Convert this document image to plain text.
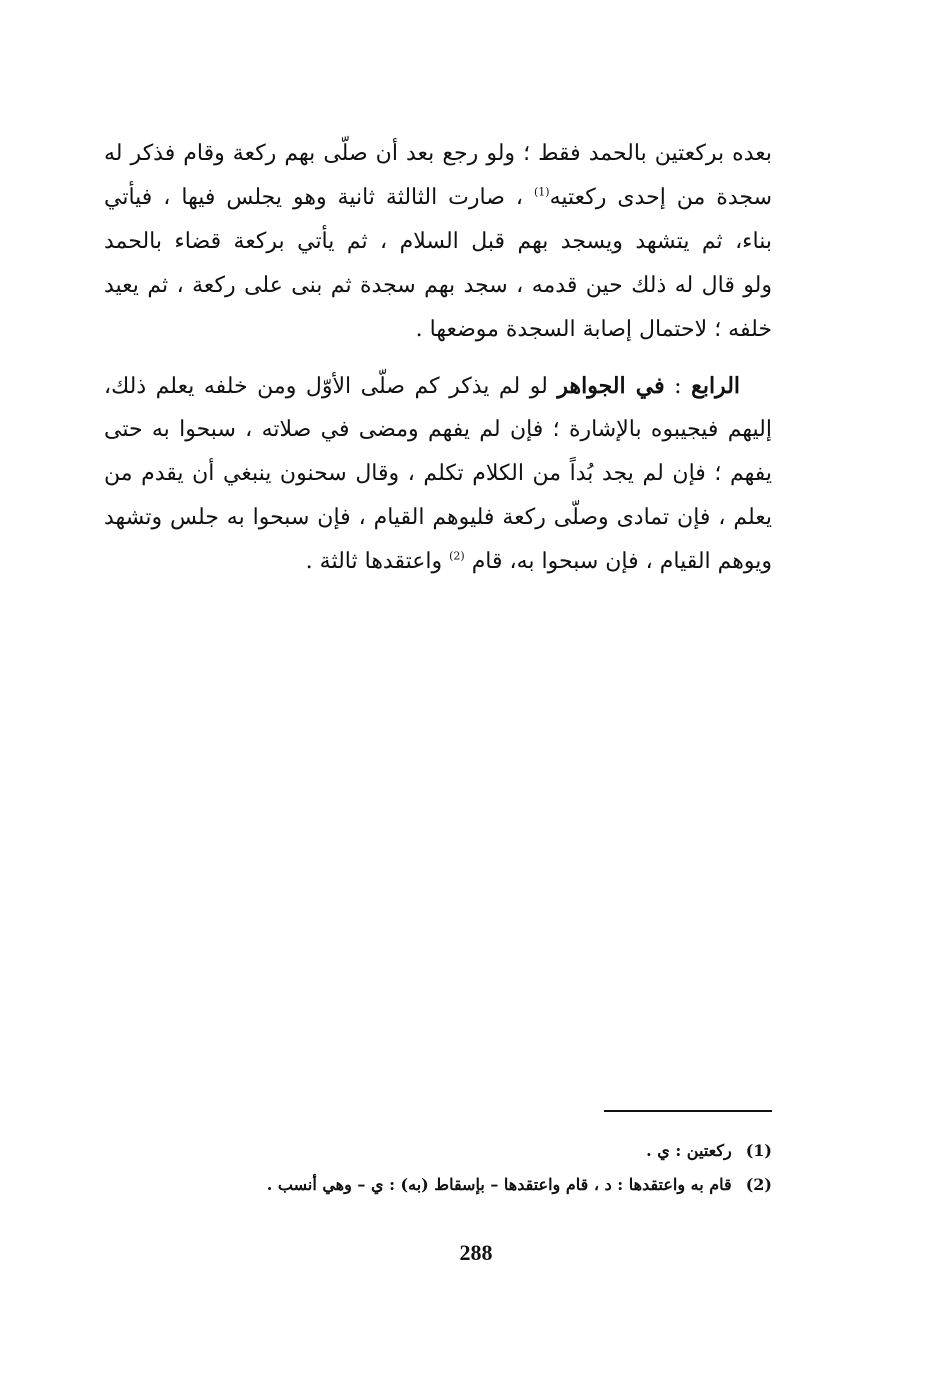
بعده بركعتين بالحمد فقط ؛ ولو رجع بعد أن صلّى بهم ركعة وقام فذكر له
سجدة من إحدى ركعتيه$^{(1)}$ ، صارت الثالثة ثانية وهو يجلس فيها ، فيأتي
بناء، ثم يتشهد ويسجد بهم قبل السلام ، ثم يأتي بركعة قضاء بالحمد
ولو قال له ذلك حين قدمه ، سجد بهم سجدة ثم بنى على ركعة ، ثم يعيد
خلفه ؛ لاحتمال إصابة السجدة موضعها .
الرابع : في الجواهر لو لم يذكر كم صلّى الأوّل ومن خلفه يعلم ذلك،
إليهم فيجيبوه بالإشارة ؛ فإن لم يفهم ومضى في صلاته ، سبحوا به حتى
يفهم ؛ فإن لم يجد بُداً من الكلام تكلم ، وقال سحنون ينبغي أن يقدم من
يعلم ، فإن تمادى وصلّى ركعة فليوهم القيام ، فإن سبحوا به جلس وتشهد
ويوهم القيام ، فإن سبحوا به، قام $^{(2)}$ واعتقدها ثالثة .
(1)ركعتين : ي .
(2)قام به واعتقدها : د ، قام واعتقدها – بإسقاط (به) : ي – وهي أنسب .
288
